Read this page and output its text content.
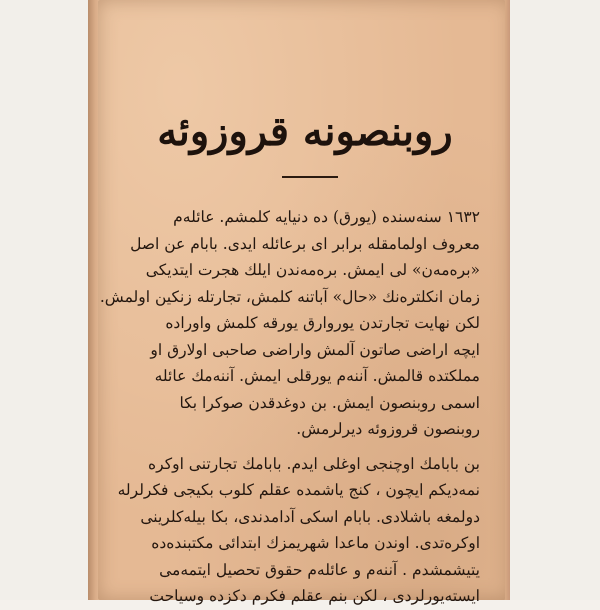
روبنصونه قروزوئه
١٦٣٢ سنه‌سنده (يورق) ده دنيايه كلمشم. عائلەم
معروف اولمامقله برابر اى برعائله ايدى. بابام عن اصل
«برەمەن» لى ايمش. برەمەندن ايلك هجرت ايتديكى
زمان انكلتره‌نك «حال» آباتنه كلمش، تجارتله زنكين اولمش.
لكن نهايت تجارتدن يوروارق يورقه كلمش واوراده
ايچه اراضى صاتون آلمش واراضى صاحبى اولارق او
مملكتده قالمش. آننەم يورقلى ايمش. آننەمك عائله
اسمى روبنصون ايمش. بن دوغدقدن صوكرا بكا
روبنصون قروزوئه ديرلرمش.
بن بابامك اوچنجى اوغلى ايدم. بابامك تجارتنى اوكره
نمه‌ديكم ايچون ، كنج ياشمده عقلم كلوب بكيجى فكرلرله
دولمغه باشلادى. بابام اسكى آدامدندى، بكا بيله‌كلرينى
اوكره‌تدى. اوندن ماعدا شهريمزك ابتدائى مكتبنده‌ده
يتيشمشدم . آننەم و عائلەم حقوق تحصيل ايتمەمى
ايستەيورلردى ، لكن بنم عقلم فكرم دكزده وسياحت
